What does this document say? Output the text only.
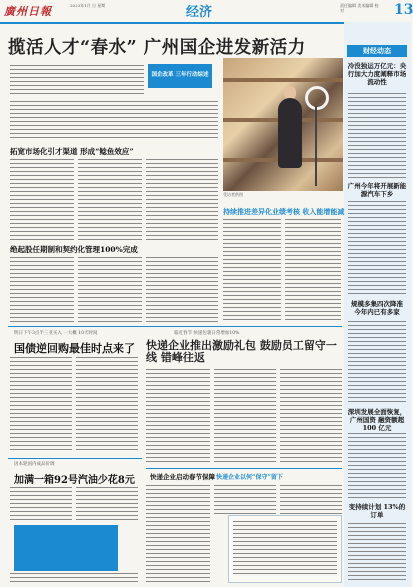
廣州日報	2023年1月 日 星期	经济	责任编辑 美术编辑 校对	13
揽活人才“春水” 广州国企进发新活力	财经动态
冷没独运万亿元：央行加大力度阐释市场流动性
广州今年将开展新能源汽车下乡
规模多集四次降准 今年内已有多家
深圳发展全面恢复，广州国资 融资额超 100 亿元
变持续计划 13%的订单
国企改革 三年行动综述
受访者供图
拓宽市场化引才渠道 形成“鲶鱼效应”
持续推进差异化业绩考核 收入能增能减
绝起股任期制和契约化管理100%完成
明日下午3点半三亚买入 一大概 10天时间
国债逆回购最佳时点来了
临近春节 快递包裹日常增加10%
快递企业推出激励礼包 鼓励员工留守一线 错峰往返
因本轮国内成品价调
加满一箱92号汽油少花8元 快递企业启动春节保障 快递企业以何“保守”留下
